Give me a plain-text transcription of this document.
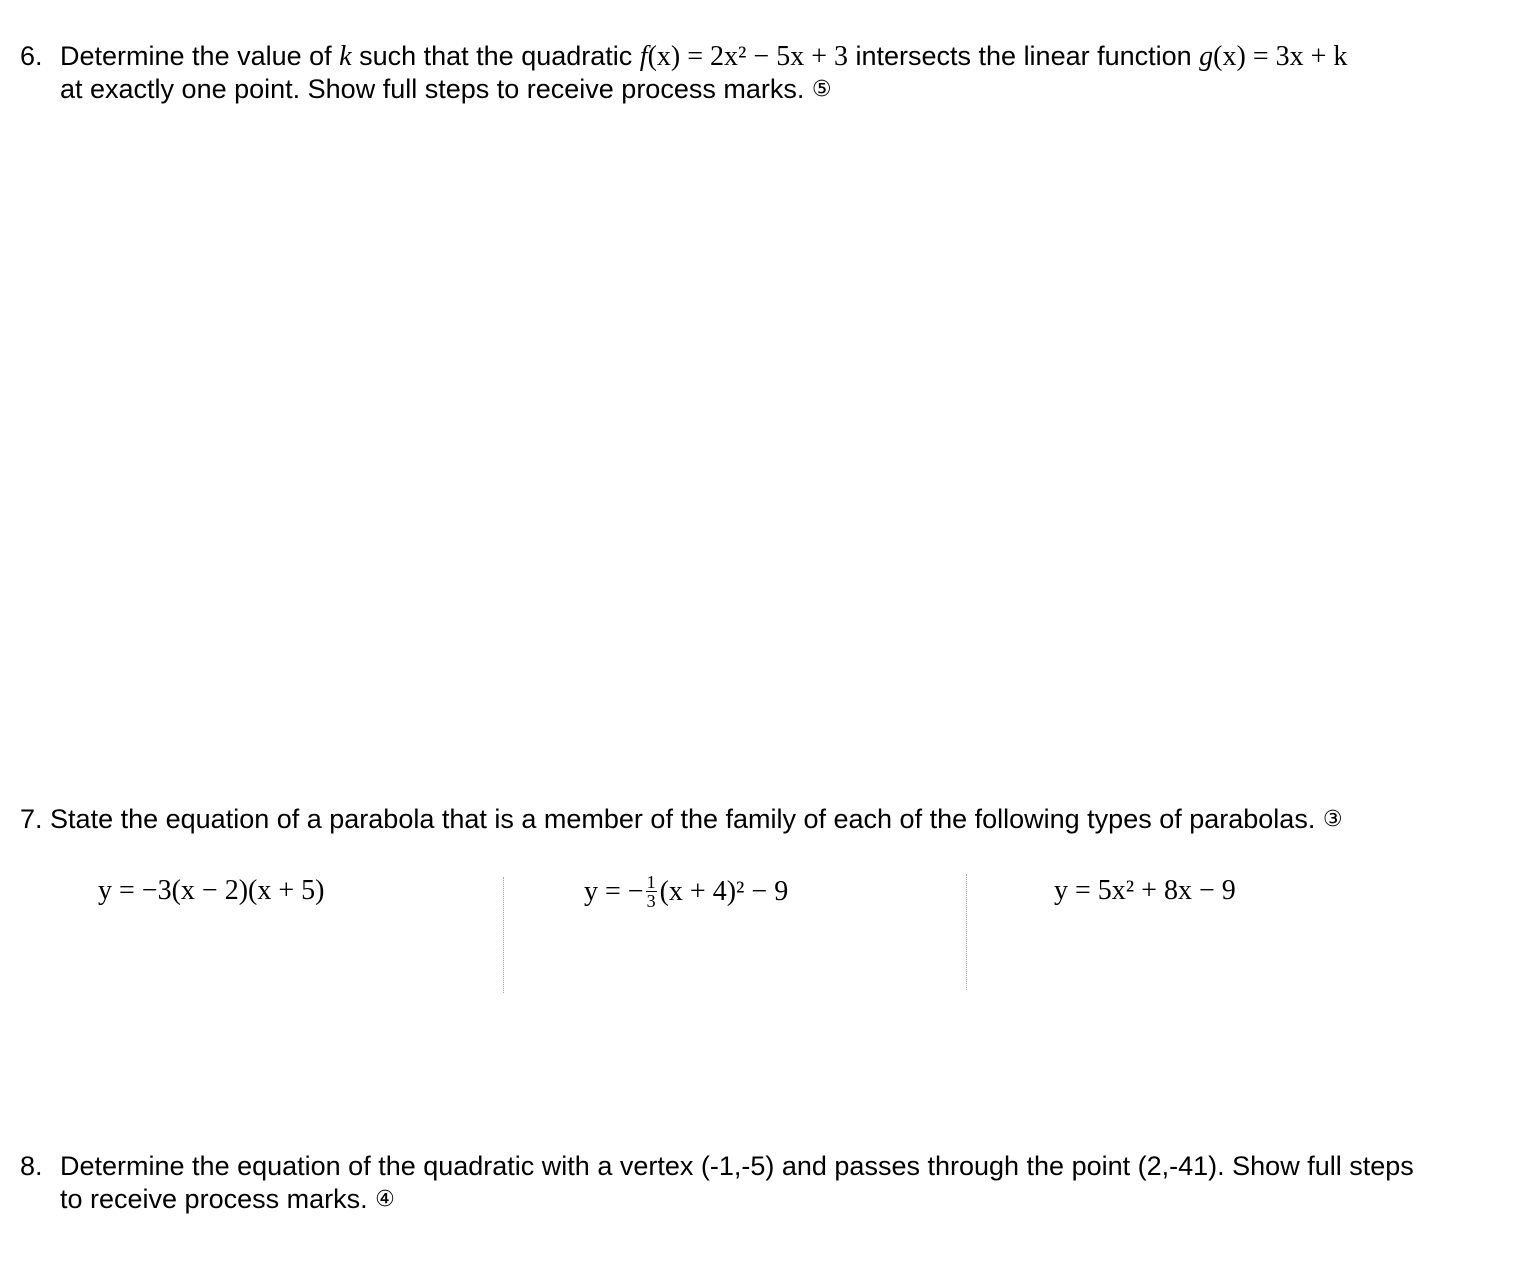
6. Determine the value of k such that the quadratic f(x) = 2x² − 5x + 3 intersects the linear function g(x) = 3x + k
at exactly one point. Show full steps to receive process marks. ⑤
7. State the equation of a parabola that is a member of the family of each of the following types of parabolas. ③
y = −3(x − 2)(x + 5)	y = − $\frac{1}{3} (x + 4)^2 - 9$	y = 5x² + 8x − 9
8. Determine the equation of the quadratic with a vertex (-1,-5) and passes through the point (2,-41). Show full steps
to receive process marks. ④
